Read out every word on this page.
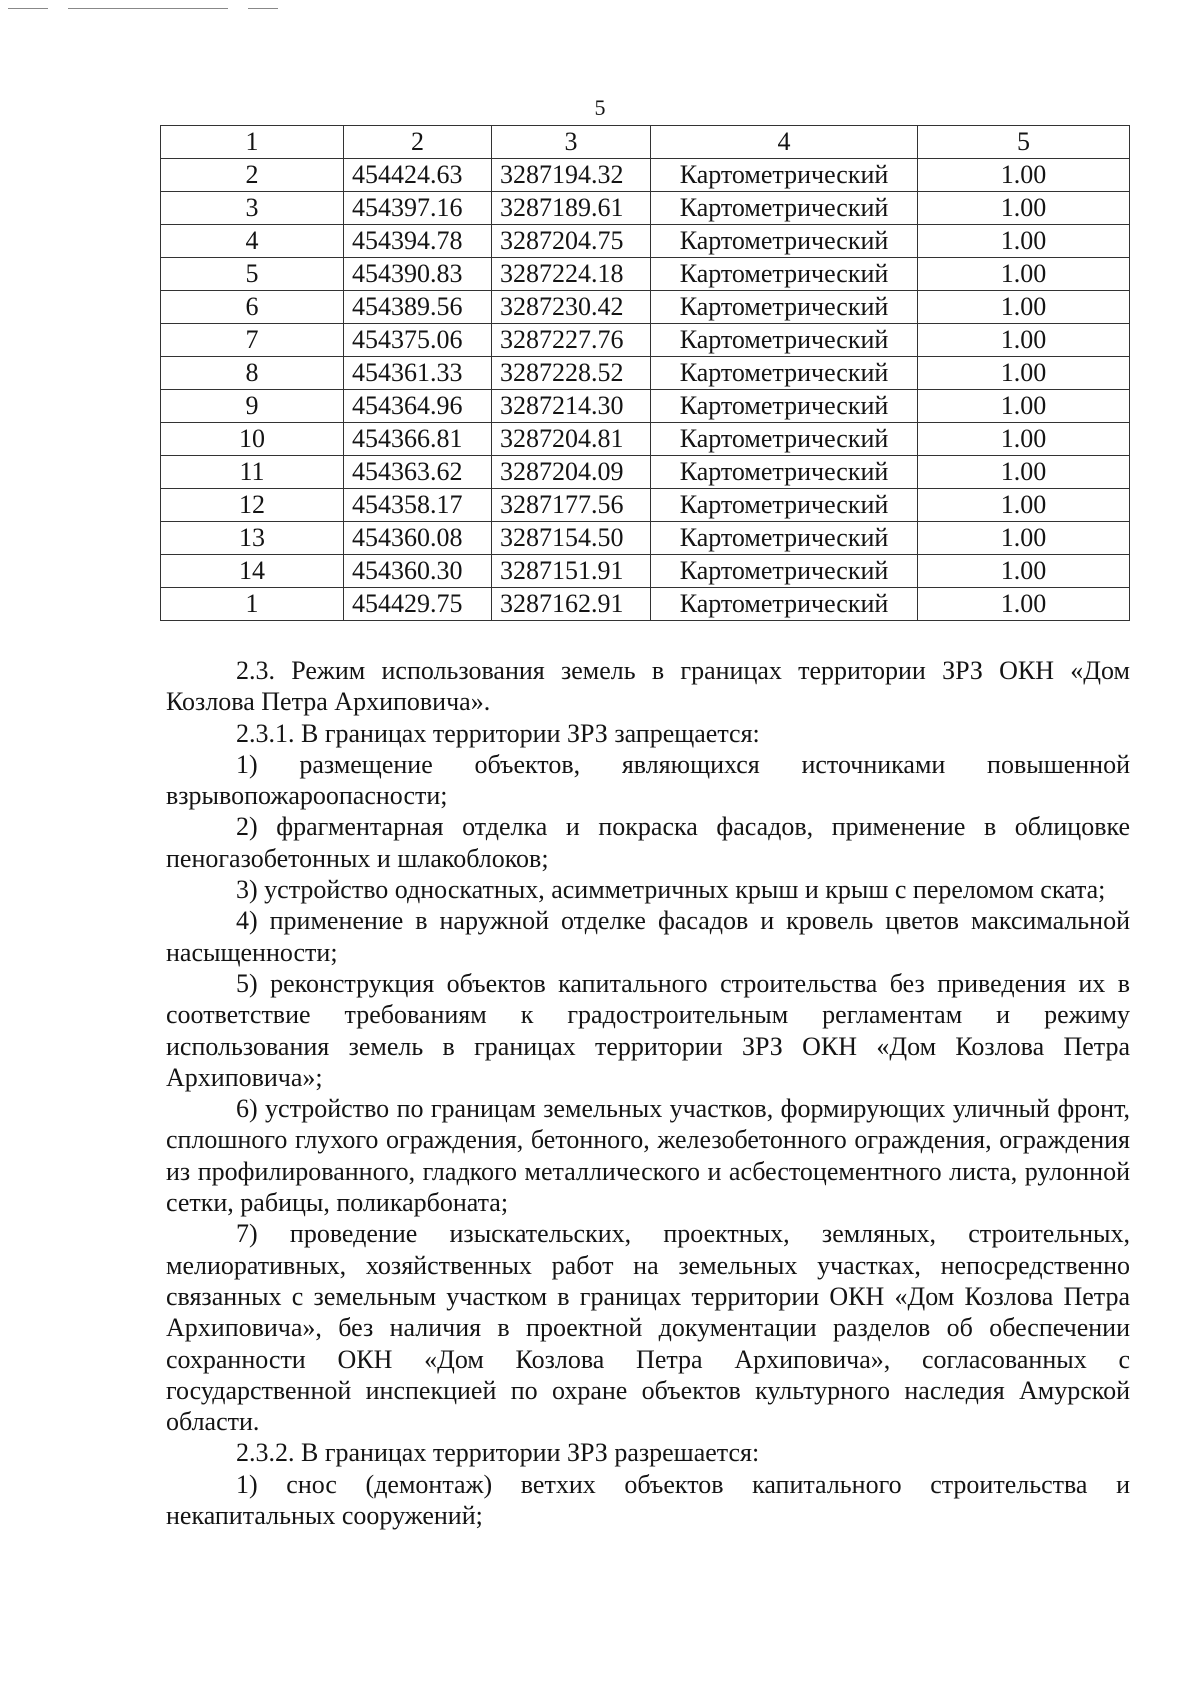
5
1	2	3	4	5
2	454424.63	3287194.32	Картометрический	1.00
3	454397.16	3287189.61	Картометрический	1.00
4	454394.78	3287204.75	Картометрический	1.00
5	454390.83	3287224.18	Картометрический	1.00
6	454389.56	3287230.42	Картометрический	1.00
7	454375.06	3287227.76	Картометрический	1.00
8	454361.33	3287228.52	Картометрический	1.00
9	454364.96	3287214.30	Картометрический	1.00
10	454366.81	3287204.81	Картометрический	1.00
11	454363.62	3287204.09	Картометрический	1.00
12	454358.17	3287177.56	Картометрический	1.00
13	454360.08	3287154.50	Картометрический	1.00
14	454360.30	3287151.91	Картометрический	1.00
1	454429.75	3287162.91	Картометрический	1.00

2.3. Режим использования земель в границах территории ЗРЗ ОКН «Дом Козлова Петра Архиповича».

2.3.1. В границах территории ЗРЗ запрещается:

1) размещение объектов, являющихся источниками повышенной взрывопожароопасности;

2) фрагментарная отделка и покраска фасадов, применение в облицовке пеногазобетонных и шлакоблоков;

3) устройство односкатных, асимметричных крыш и крыш с переломом ската;

4) применение в наружной отделке фасадов и кровель цветов максимальной насыщенности;

5) реконструкция объектов капитального строительства без приведения их в соответствие требованиям к градостроительным регламентам и режиму использования земель в границах территории ЗРЗ ОКН «Дом Козлова Петра Архиповича»;

6) устройство по границам земельных участков, формирующих уличный фронт, сплошного глухого ограждения, бетонного, железобетонного ограждения, ограждения из профилированного, гладкого металлического и асбестоцементного листа, рулонной сетки, рабицы, поликарбоната;

7) проведение изыскательских, проектных, земляных, строительных, мелиоративных, хозяйственных работ на земельных участках, непосредственно связанных с земельным участком в границах территории ОКН «Дом Козлова Петра Архиповича», без наличия в проектной документации разделов об обеспечении сохранности ОКН «Дом Козлова Петра Архиповича», согласованных с государственной инспекцией по охране объектов культурного наследия Амурской области.

2.3.2. В границах территории ЗРЗ разрешается:

1) снос (демонтаж) ветхих объектов капитального строительства и некапитальных сооружений;
